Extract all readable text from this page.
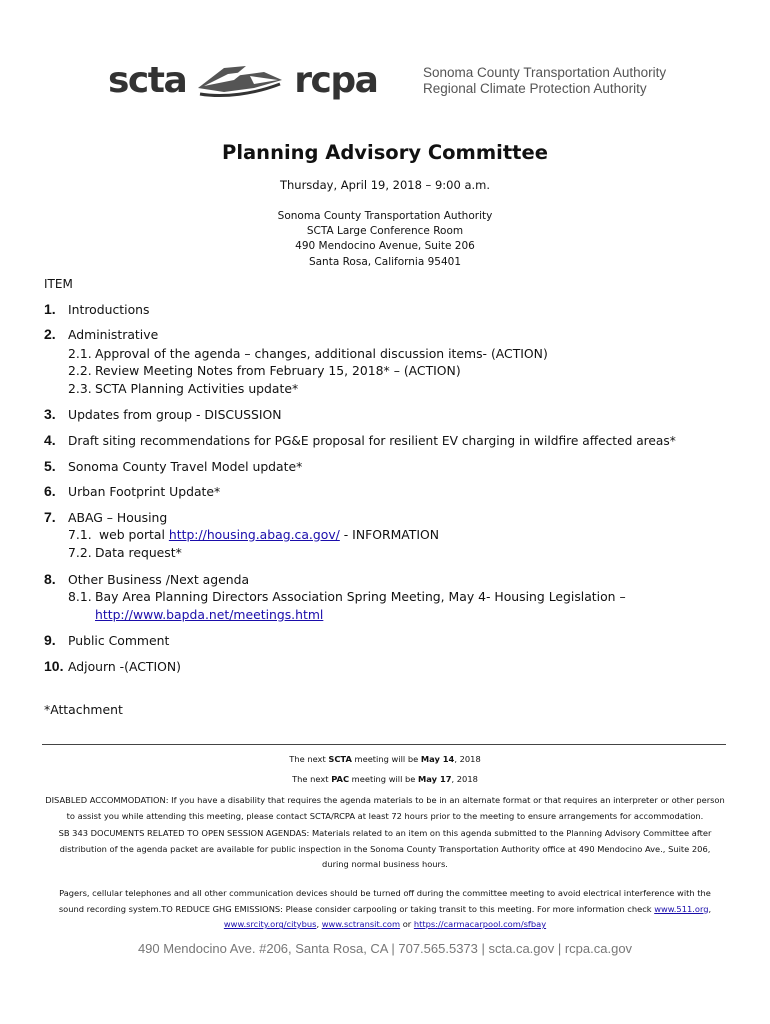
scta	rcpa	Sonoma County Transportation Authority
Regional Climate Protection Authority
Planning Advisory Committee
Thursday, April 19, 2018 – 9:00 a.m.
Sonoma County Transportation Authority
SCTA Large Conference Room
490 Mendocino Avenue, Suite 206
Santa Rosa, California 95401
ITEM
1. Introductions
2. Administrative
2.1. Approval of the agenda – changes, additional discussion items- (ACTION)
2.2. Review Meeting Notes from February 15, 2018* – (ACTION)
2.3. SCTA Planning Activities update*
3. Updates from group - DISCUSSION
4. Draft siting recommendations for PG&E proposal for resilient EV charging in wildfire affected areas*
5. Sonoma County Travel Model update*
6. Urban Footprint Update*
7. ABAG – Housing
7.1. web portal http://housing.abag.ca.gov/ - INFORMATION
7.2. Data request*
8. Other Business /Next agenda
8.1. Bay Area Planning Directors Association Spring Meeting, May 4- Housing Legislation –
http://www.bapda.net/meetings.html
9. Public Comment
10. Adjourn -(ACTION)
*Attachment
The next SCTA meeting will be May 14, 2018
The next PAC meeting will be May 17, 2018
DISABLED ACCOMMODATION: If you have a disability that requires the agenda materials to be in an alternate format or that requires an interpreter or other person
to assist you while attending this meeting, please contact SCTA/RCPA at least 72 hours prior to the meeting to ensure arrangements for accommodation.
SB 343 DOCUMENTS RELATED TO OPEN SESSION AGENDAS: Materials related to an item on this agenda submitted to the Planning Advisory Committee after
distribution of the agenda packet are available for public inspection in the Sonoma County Transportation Authority office at 490 Mendocino Ave., Suite 206,
during normal business hours.
Pagers, cellular telephones and all other communication devices should be turned off during the committee meeting to avoid electrical interference with the
sound recording system.TO REDUCE GHG EMISSIONS: Please consider carpooling or taking transit to this meeting. For more information check www.511.org,
www.srcity.org/citybus, www.sctransit.com or https://carmacarpool.com/sfbay
490 Mendocino Ave. #206, Santa Rosa, CA | 707.565.5373 | scta.ca.gov | rcpa.ca.gov
